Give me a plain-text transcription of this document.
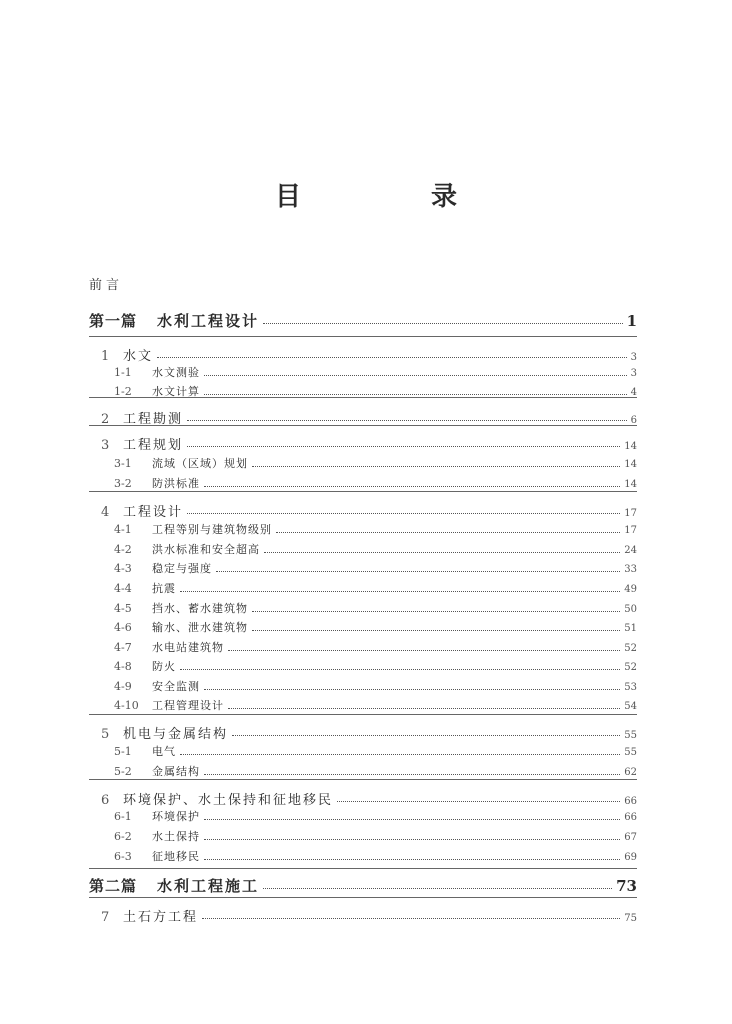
目　录
前言
第一篇	水利工程设计	1
1	水文	3
1-1	水文测验	3
1-2	水文计算	4
2	工程勘测	6
3	工程规划	14
3-1	流域（区域）规划	14
3-2	防洪标准	14
4	工程设计	17
4-1	工程等别与建筑物级别	17
4-2	洪水标准和安全超高	24
4-3	稳定与强度	33
4-4	抗震	49
4-5	挡水、蓄水建筑物	50
4-6	输水、泄水建筑物	51
4-7	水电站建筑物	52
4-8	防火	52
4-9	安全监测	53
4-10	工程管理设计	54
5	机电与金属结构	55
5-1	电气	55
5-2	金属结构	62
6	环境保护、水土保持和征地移民	66
6-1	环境保护	66
6-2	水土保持	67
6-3	征地移民	69
第二篇	水利工程施工	73
7	土石方工程	75
